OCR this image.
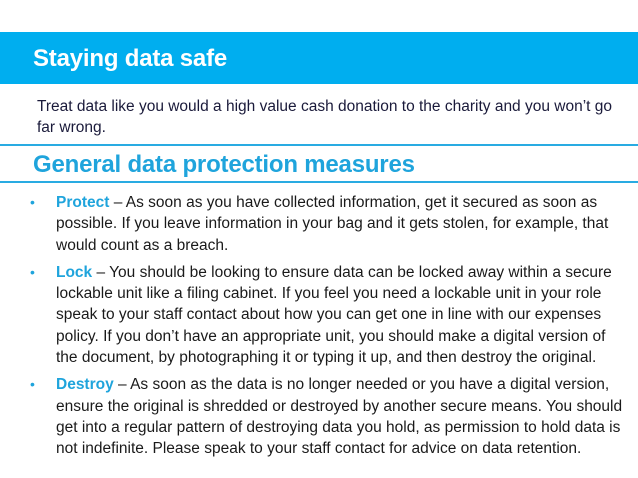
Staying data safe
Treat data like you would a high value cash donation to the charity and you won’t go far wrong.
General data protection measures
• Protect – As soon as you have collected information, get it secured as soon as possible. If you leave information in your bag and it gets stolen, for example, that would count as a breach.
• Lock – You should be looking to ensure data can be locked away within a secure lockable unit like a filing cabinet. If you feel you need a lockable unit in your role speak to your staff contact about how you can get one in line with our expenses policy. If you don’t have an appropriate unit, you should make a digital version of the document, by photographing it or typing it up, and then destroy the original.
• Destroy – As soon as the data is no longer needed or you have a digital version, ensure the original is shredded or destroyed by another secure means. You should get into a regular pattern of destroying data you hold, as permission to hold data is not indefinite. Please speak to your staff contact for advice on data retention.
